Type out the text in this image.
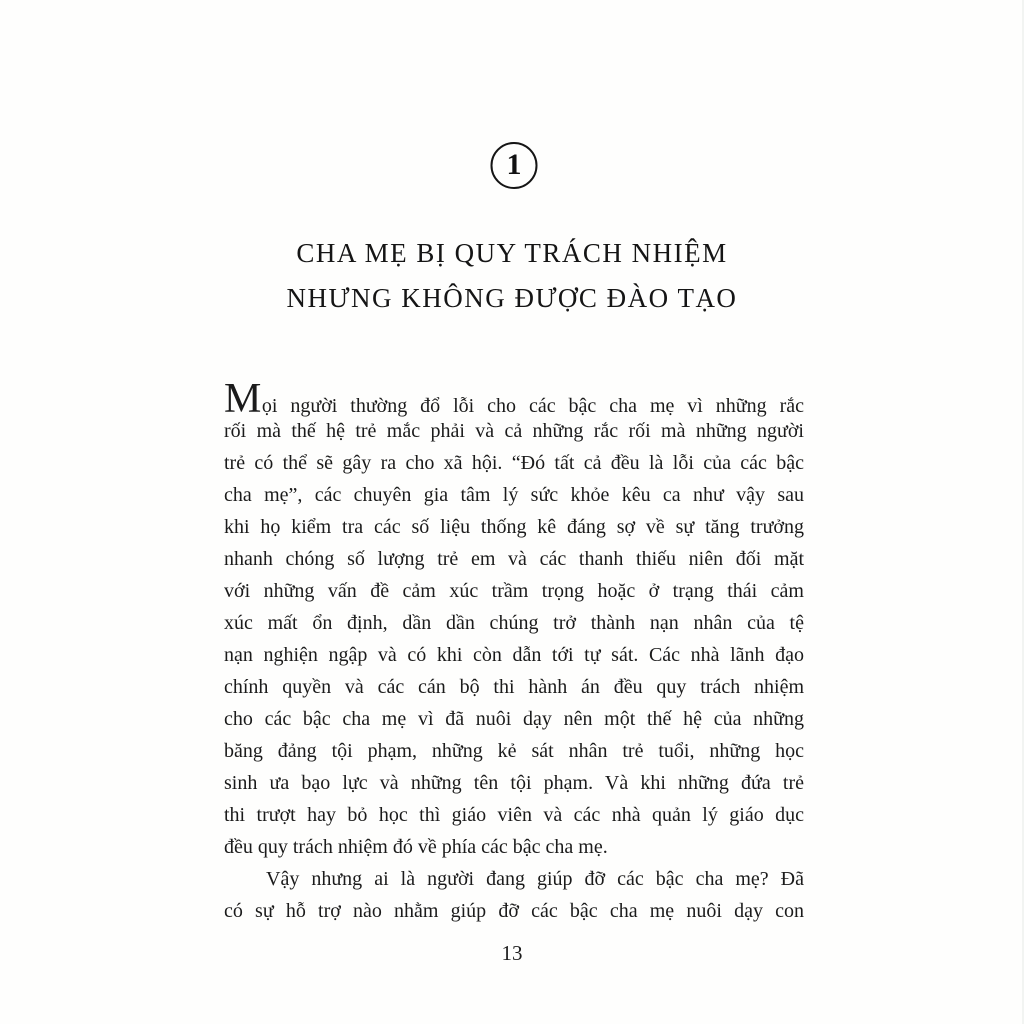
1
CHA MẸ BỊ QUY TRÁCH NHIỆM
NHƯNG KHÔNG ĐƯỢC ĐÀO TẠO
Mọi người thường đổ lỗi cho các bậc cha mẹ vì những rắc
rối mà thế hệ trẻ mắc phải và cả những rắc rối mà những người
trẻ có thể sẽ gây ra cho xã hội. “Đó tất cả đều là lỗi của các bậc
cha mẹ”, các chuyên gia tâm lý sức khỏe kêu ca như vậy sau
khi họ kiểm tra các số liệu thống kê đáng sợ về sự tăng trưởng
nhanh chóng số lượng trẻ em và các thanh thiếu niên đối mặt
với những vấn đề cảm xúc trầm trọng hoặc ở trạng thái cảm
xúc mất ổn định, dần dần chúng trở thành nạn nhân của tệ
nạn nghiện ngập và có khi còn dẫn tới tự sát. Các nhà lãnh đạo
chính quyền và các cán bộ thi hành án đều quy trách nhiệm
cho các bậc cha mẹ vì đã nuôi dạy nên một thế hệ của những
băng đảng tội phạm, những kẻ sát nhân trẻ tuổi, những học
sinh ưa bạo lực và những tên tội phạm. Và khi những đứa trẻ
thi trượt hay bỏ học thì giáo viên và các nhà quản lý giáo dục
đều quy trách nhiệm đó về phía các bậc cha mẹ.
Vậy nhưng ai là người đang giúp đỡ các bậc cha mẹ? Đã
có sự hỗ trợ nào nhằm giúp đỡ các bậc cha mẹ nuôi dạy con
13
